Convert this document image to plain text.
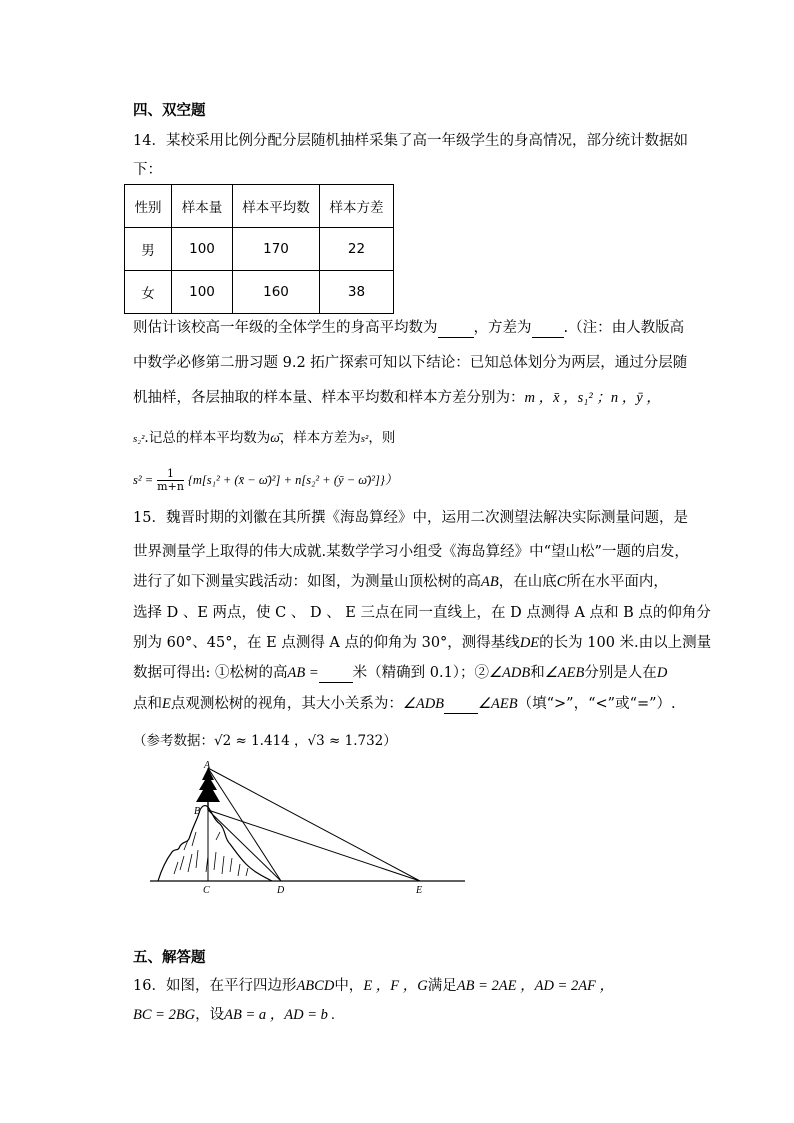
四、双空题
14．某校采用比例分配分层随机抽样采集了高一年级学生的身高情况，部分统计数据如
下：
性别	样本量	样本平均数	样本方差
男	100	170	22
女	100	160	38
则估计该校高一年级的全体学生的身高平均数为 ，方差为 .（注：由人教版高
中数学必修第二册习题 9.2 拓广探索可知以下结论：已知总体划分为两层，通过分层随
机抽样，各层抽取的样本量、样本平均数和样本方差分别为：m ，x̄ ，s₁² ；n ，ȳ ，
s₂².记总的样本平均数为ω̄，样本方差为s²，则
$s^2 = \frac{1}{m+n} \{m[s_1^2$ + (x̄ − ω̄)²] + n[s₂² + (ȳ − ω̄)²]}）
15．魏晋时期的刘徽在其所撰《海岛算经》中，运用二次测望法解决实际测量问题，是
世界测量学上取得的伟大成就.某数学学习小组受《海岛算经》中“望山松”一题的启发，
进行了如下测量实践活动：如图，为测量山顶松树的高AB，在山底C所在水平面内，
选择 D 、E 两点，使 C 、 D 、 E 三点在同一直线上，在 D 点测得 A 点和 B 点的仰角分
别为 60°、45°，在 E 点测得 A 点的仰角为 30°，测得基线DE的长为 100 米.由以上测量
数据可得出: ①松树的高AB = 米（精确到 0.1）；②∠ADB和∠AEB分别是人在D
点和E点观测松树的视角，其大小关系为：∠ADB ∠AEB（填“>”，“<”或“=”）.
（参考数据：√2 ≈ 1.414 ，√3 ≈ 1.732）
A
B
C	D	E
五、解答题
16．如图，在平行四边形ABCD中，E ，F ，G满足AB = 2AE ，AD = 2AF ，
BC = 2BG，设AB = a ，AD = b .
